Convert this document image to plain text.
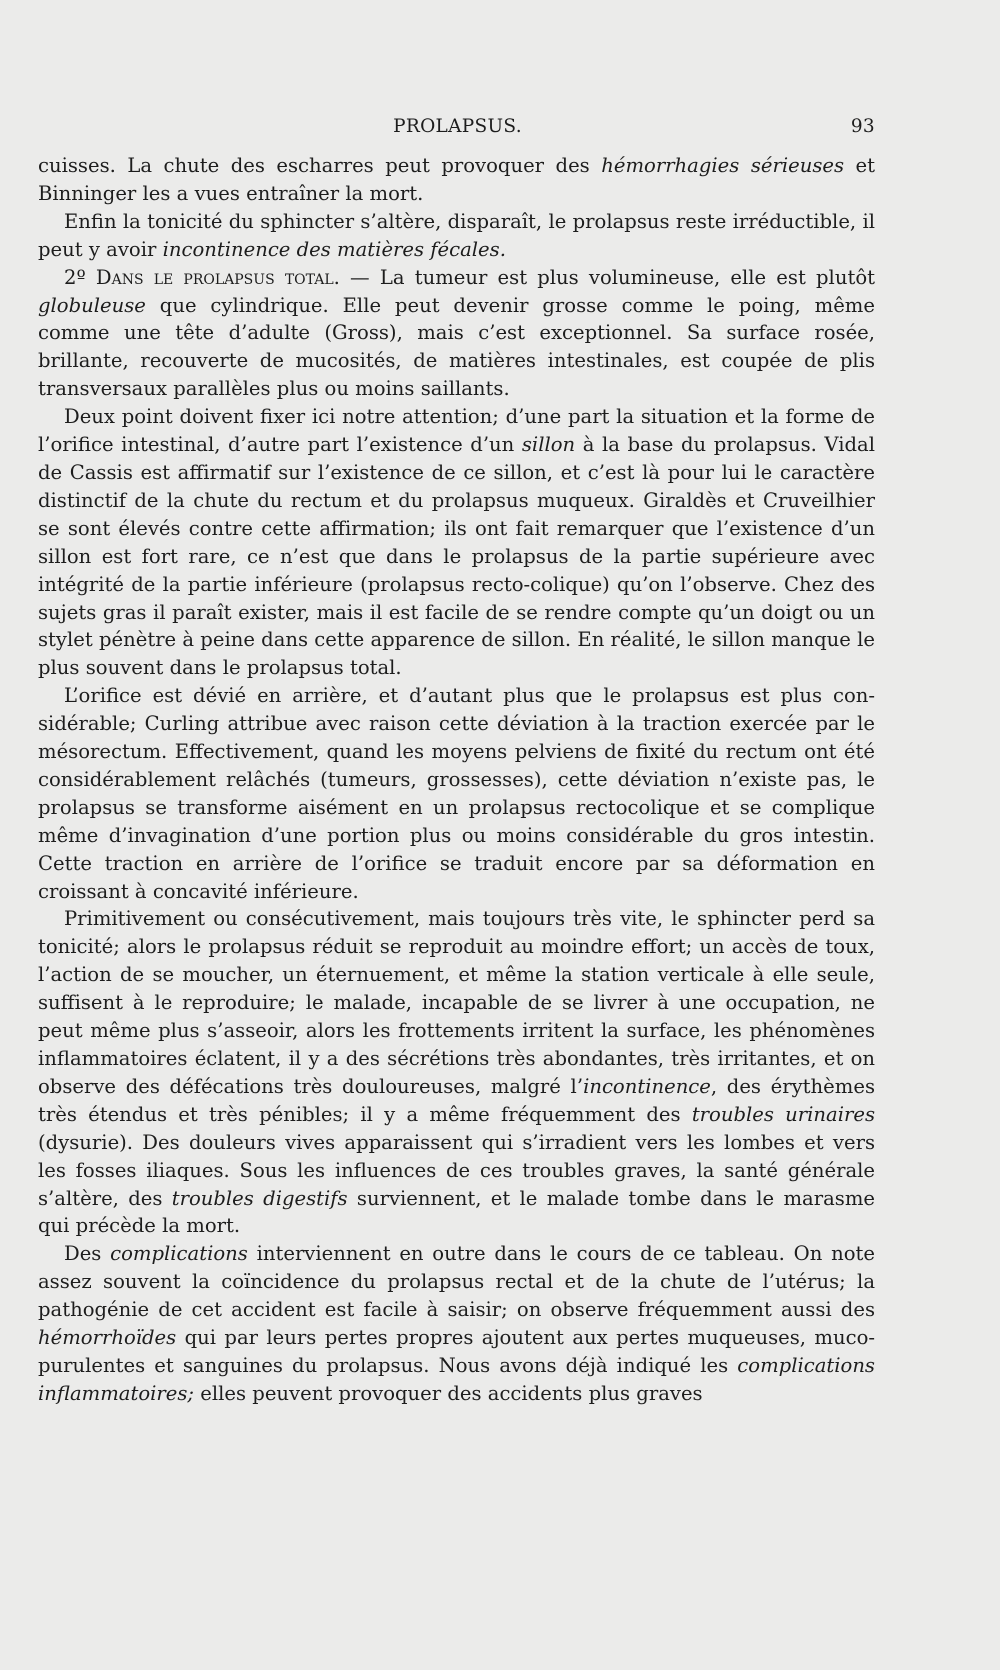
PROLAPSUS.	93

cuisses. La chute des escharres peut provoquer des hémorrhagies sérieuses et Binninger les a vues entraîner la mort.

Enfin la tonicité du sphincter s’altère, disparaît, le prolapsus reste irréductible, il peut y avoir incontinence des matières fécales.

2º Dans le prolapsus total. — La tumeur est plus volumineuse, elle est plutôt globuleuse que cylindrique. Elle peut devenir grosse comme le poing, même comme une tête d’adulte (Gross), mais c’est exceptionnel. Sa surface rosée, brillante, recouverte de mucosités, de matières intestinales, est coupée de plis transversaux parallèles plus ou moins saillants.

Deux point doivent fixer ici notre attention; d’une part la situation et la forme de l’orifice intestinal, d’autre part l’existence d’un sillon à la base du prolapsus. Vidal de Cassis est affirmatif sur l’existence de ce sillon, et c’est là pour lui le caractère distinctif de la chute du rectum et du prolapsus muqueux. Giraldès et Cruveilhier se sont élevés contre cette affirmation; ils ont fait remarquer que l’existence d’un sillon est fort rare, ce n’est que dans le prolapsus de la partie supérieure avec intégrité de la partie inférieure (prolapsus recto-colique) qu’on l’observe. Chez des sujets gras il paraît exister, mais il est facile de se rendre compte qu’un doigt ou un stylet pénètre à peine dans cette apparence de sillon. En réalité, le sillon manque le plus souvent dans le prolapsus total.

L’orifice est dévié en arrière, et d’autant plus que le prolapsus est plus considérable; Curling attribue avec raison cette déviation à la traction exercée par le mésorectum. Effectivement, quand les moyens pelviens de fixité du rectum ont été considérablement relâchés (tumeurs, grossesses), cette déviation n’existe pas, le prolapsus se transforme aisément en un prolapsus rectocolique et se complique même d’invagination d’une portion plus ou moins considérable du gros intestin. Cette traction en arrière de l’orifice se traduit encore par sa déformation en croissant à concavité inférieure.

Primitivement ou consécutivement, mais toujours très vite, le sphincter perd sa tonicité; alors le prolapsus réduit se reproduit au moindre effort; un accès de toux, l’action de se moucher, un éternuement, et même la station verticale à elle seule, suffisent à le reproduire; le malade, incapable de se livrer à une occupation, ne peut même plus s’asseoir, alors les frottements irritent la surface, les phénomènes inflammatoires éclatent, il y a des sécrétions très abondantes, très irritantes, et on observe des défécations très douloureuses, malgré l’incontinence, des érythèmes très étendus et très pénibles; il y a même fréquemment des troubles urinaires (dysurie). Des douleurs vives apparaissent qui s’irradient vers les lombes et vers les fosses iliaques. Sous les influences de ces troubles graves, la santé générale s’altère, des troubles digestifs surviennent, et le malade tombe dans le marasme qui précède la mort.

Des complications interviennent en outre dans le cours de ce tableau. On note assez souvent la coïncidence du prolapsus rectal et de la chute de l’utérus; la pathogénie de cet accident est facile à saisir; on observe fréquemment aussi des hémorrhoïdes qui par leurs pertes propres ajoutent aux pertes muqueuses, muco-purulentes et sanguines du prolapsus. Nous avons déjà indiqué les complications inflammatoires; elles peuvent provoquer des accidents plus graves
